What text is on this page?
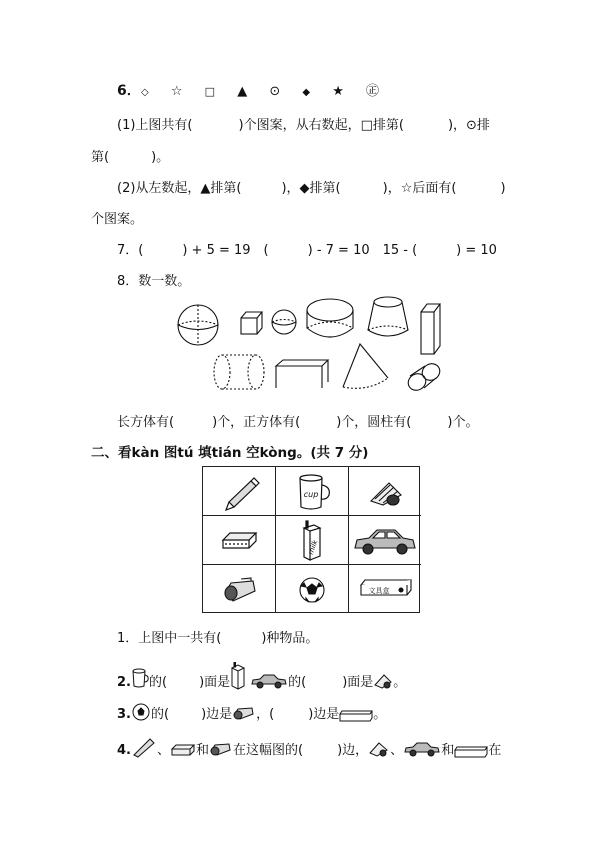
6． ◇ ☆ □ ▲ ⊙ ◆ ★ ㊣
(1)上图共有(	)个图案，从右数起，□排第(	)，⊙排
第(	)。
(2)从左数起，▲排第(	)，◆排第(	)，☆后面有(	)
个图案。
7．(　　　) + 5 = 19　(　　　) - 7 = 10　15 - (　　　) = 10
8．数一数。
长方体有(	)个，正方体有(	)个，圆柱有(	)个。
二、看kàn 图tú 填tián 空kòng。(共 7 分)
cup
milk
文具盒
1．上图中一共有(	)种物品。
2. 的( )面是	的(	)面是 。
3. 的( )边是 ，(	)边是	。
4. 、 和 在这幅图的(	)边， 、	和	在
